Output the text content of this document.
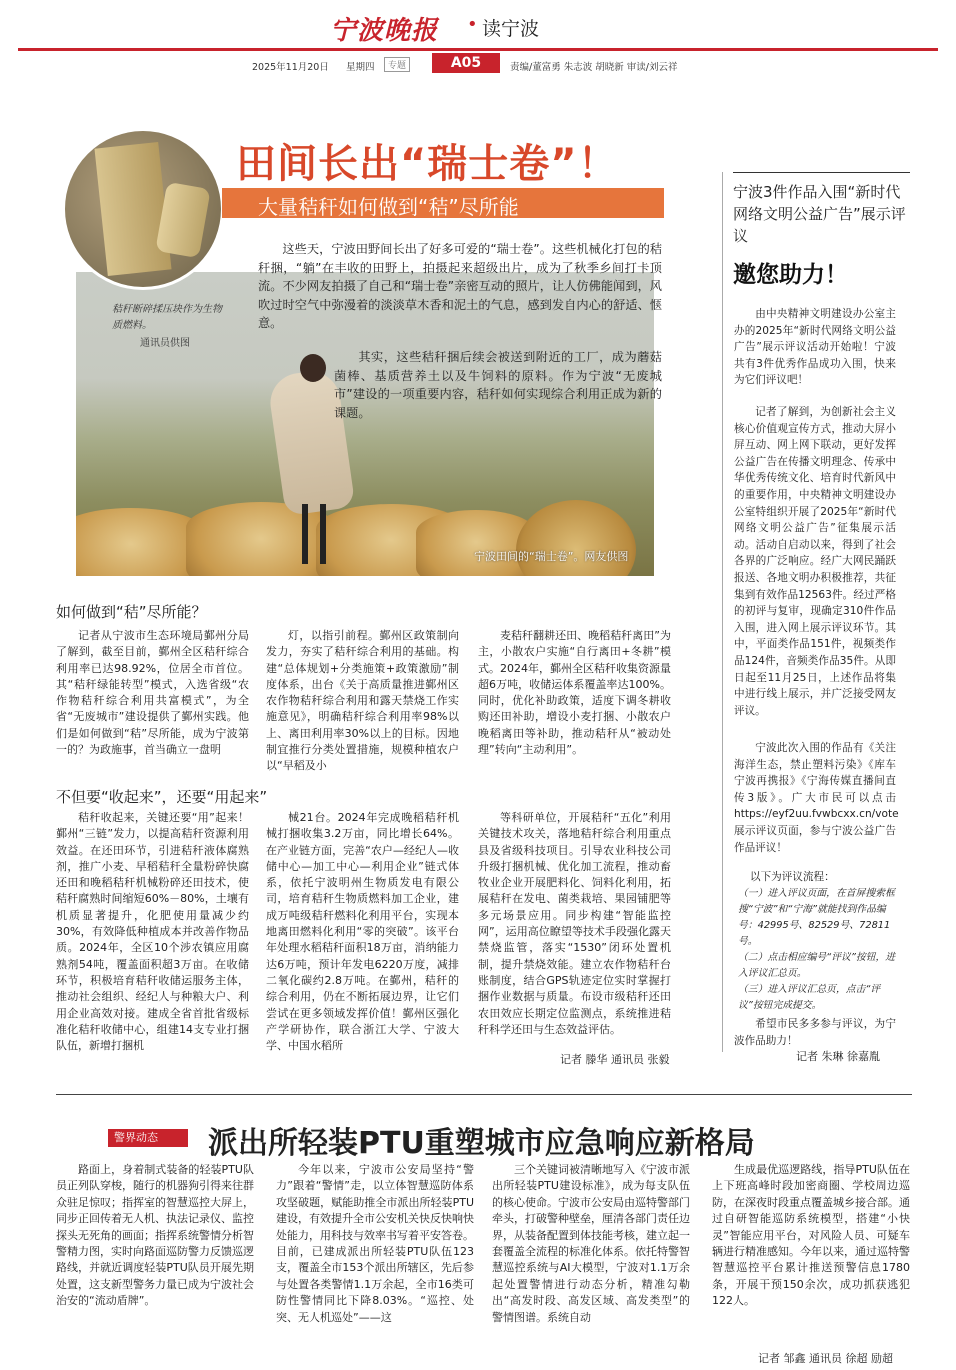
宁波晚报 • 读宁波
2025年11月20日 星期四	专题	A05	责编/董富勇 朱志波 胡晓新 审读/刘云祥
宁波田间的“瑞士卷”。网友供图
秸秆断碎揉压块作为生物质燃料。
通讯员供图
田间长出“瑞士卷”！
大量秸秆如何做到“秸”尽所能

这些天，宁波田野间长出了好多可爱的“瑞士卷”。这些机械化打包的秸秆捆，“躺”在丰收的田野上，拍摄起来超级出片，成为了秋季乡间打卡顶流。不少网友拍摄了自己和“瑞士卷”亲密互动的照片，让人仿佛能闻到，风吹过时空气中弥漫着的淡淡草木香和泥土的气息，感到发自内心的舒适、惬意。

其实，这些秸秆捆后续会被送到附近的工厂，成为蘑菇菌棒、基质营养土以及牛饲料的原料。作为宁波“无废城市”建设的一项重要内容，秸秆如何实现综合利用正成为新的课题。

宁波3件作品入围“新时代网络文明公益广告”展示评议
邀您助力！

由中央精神文明建设办公室主办的2025年“新时代网络文明公益广告”展示评议活动开始啦！宁波共有3件优秀作品成功入围，快来为它们评议吧！

记者了解到，为创新社会主义核心价值观宣传方式，推动大屏小屏互动、网上网下联动，更好发挥公益广告在传播文明理念、传承中华优秀传统文化、培育时代新风中的重要作用，中央精神文明建设办公室特组织开展了2025年“新时代网络文明公益广告”征集展示活动。活动自启动以来，得到了社会各界的广泛响应。经广大网民踊跃报送、各地文明办积极推荐，共征集到有效作品12563件。经过严格的初评与复审，现确定310件作品入围，进入网上展示评议环节。其中，平面类作品151件，视频类作品124件，音频类作品35件。从即日起至11月25日，上述作品将集中进行线上展示，并广泛接受网友评议。

宁波此次入围的作品有《关注海洋生态，禁止塑料污染》《库车宁波再携报》《宁海传媒直播间直传3版》。广大市民可以点击https://eyf2uu.fvwbcxx.cn/vote展示评议页面，参与宁波公益广告作品评议！

以下为评议流程：

（一）进入评议页面，在首屏搜索框搜“宁波”和“宁海”就能找到作品编号：42995号、82529号、72811号。

（二）点击相应编号“评议”按钮，进入评议汇总页。

（三）进入评议汇总页，点击“评议”按钮完成提交。

希望市民多多参与评议，为宁波作品助力！

记者 朱琳 徐嘉胤
如何做到“秸”尽所能？

记者从宁波市生态环境局鄞州分局了解到，截至目前，鄞州全区秸秆综合利用率已达98.92%，位居全市首位。其“秸秆绿能转型”模式，入选省级“农作物秸秆综合利用共富模式”，为全省“无废城市”建设提供了鄞州实践。他们是如何做到“秸”尽所能，成为宁波第一的？为政施事，首当确立一盘明

灯，以指引前程。鄞州区政策制向发力，夯实了秸秆综合利用的基础。构建“总体规划+分类施策+政策激励”制度体系，出台《关于高质量推进鄞州区农作物秸秆综合利用和露天禁烧工作实施意见》，明确秸秆综合利用率98%以上、离田利用率30%以上的目标。因地制宜推行分类处置措施，规模种植农户以“早稻及小

麦秸秆翻耕还田、晚稻秸秆离田”为主，小散农户实施“自行离田+冬耕”模式。2024年，鄞州全区秸秆收集资源量超6万吨，收储运体系覆盖率达100%。同时，优化补助政策，适度下调冬耕收购还田补助，增设小麦打捆、小散农户晚稻离田等补助，推动秸秆从“被动处理”转向“主动利用”。

不但要“收起来”，还要“用起来”

秸秆收起来，关键还要“用”起来！鄞州“三链”发力，以提高秸秆资源利用效益。在还田环节，引进秸秆液体腐熟剂，推广小麦、早稻秸秆全量粉碎快腐还田和晚稻秸秆机械粉碎还田技术，使秸秆腐熟时间缩短60%－80%，土壤有机质显著提升，化肥使用量减少约30%，有效降低种植成本并改善作物品质。2024年，全区10个涉农镇应用腐熟剂54吨，覆盖面积超3万亩。在收储环节，积极培育秸秆收储运服务主体，推动社会组织、经纪人与种粮大户、利用企业高效对接。建成全省首批省级标准化秸秆收储中心，组建14支专业打捆队伍，新增打捆机

械21台。2024年完成晚稻秸秆机械打捆收集3.2万亩，同比增长64%。在产业链方面，完善“农户—经纪人—收储中心—加工中心—利用企业”链式体系，依托宁波明州生物质发电有限公司，培育秸秆生物质燃料加工企业，建成万吨级秸秆燃料化利用平台，实现本地离田燃料化利用“零的突破”。该平台年处理水稻秸秆面积18万亩，消纳能力达6万吨，预计年发电6220万度，减排二氧化碳约2.8万吨。在鄞州，秸秆的综合利用，仍在不断拓展边界，让它们尝试在更多领域发挥价值！鄞州区强化产学研协作，联合浙江大学、宁波大学、中国水稻所

等科研单位，开展秸秆“五化”利用关键技术攻关，落地秸秆综合利用重点县及省级科技项目。引导农业科技公司升级打捆机械、优化加工流程，推动畜牧业企业开展肥料化、饲料化利用，拓展秸秆在发电、菌类栽培、果园铺肥等多元场景应用。同步构建“智能监控网”，运用高位瞭望等技术手段强化露天禁烧监管，落实“1530”闭环处置机制，提升禁烧效能。建立农作物秸秆台账制度，结合GPS轨迹定位实时掌握打捆作业数据与质量。布设市级秸秆还田农田效应长期定位监测点，系统推进秸秆科学还田与生态效益评估。

记者 滕华 通讯员 张毅
警界动态	派出所轻装PTU重塑城市应急响应新格局

路面上，身着制式装备的轻装PTU队员正列队穿梭，随行的机器狗引得来往群众驻足惊叹；指挥室的智慧巡控大屏上，同步正回传着无人机、执法记录仪、监控探头无死角的画面；指挥系统警情分析智警精力图，实时向路面巡防警力反馈巡逻路线，并就近调度轻装PTU队员开展先期处置，这支新型警务力量已成为宁波社会治安的“流动盾牌”。

今年以来，宁波市公安局坚持“警力”跟着“警情”走，以立体智慧巡防体系攻坚破题，赋能助推全市派出所轻装PTU建设，有效提升全市公安机关快反快响快处能力，用科技与效率书写着平安答卷。目前，已建成派出所轻装PTU队伍123支，覆盖全市153个派出所辖区，先后参与处置各类警情1.1万余起，全市16类可防性警情同比下降8.03%。“巡控、处突、无人机巡处”——这

三个关键词被清晰地写入《宁波市派出所轻装PTU建设标准》，成为每支队伍的核心使命。宁波市公安局由巡特警部门牵头，打破警种壁垒，厘清各部门责任边界，从装备配置到体技能考核，建立起一套覆盖全流程的标准化体系。依托特警智慧巡控系统与AI大模型，宁波对1.1万余起处置警情进行动态分析，精准勾勒出“高发时段、高发区域、高发类型”的警情图谱。系统自动

生成最优巡逻路线，指导PTU队伍在上下班高峰时段加密商圈、学校周边巡防，在深夜时段重点覆盖城乡接合部。通过自研智能巡防系统模型，搭建“小快灵”智能应用平台，对风险人员、可疑车辆进行精准感知。今年以来，通过巡特警智慧巡控平台累计推送预警信息1780条，开展干预150余次，成功抓获逃犯122人。

记者 邹鑫 通讯员 徐超 励超
